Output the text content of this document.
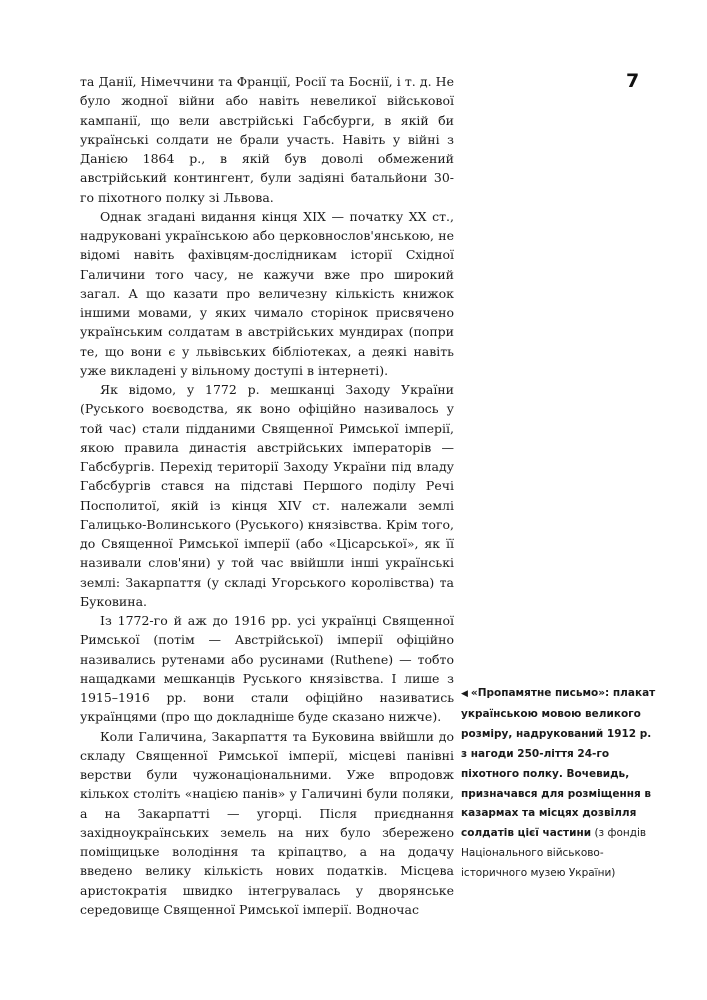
7

та Данії, Німеччини та Франції, Росії та Боснії, і т. д. Не було жодної війни або навіть невеликої військової кампанії, що вели австрійські Габсбурги, в якій би українські солдати не брали участь. Навіть у війні з Данією 1864 р., в якій був доволі обмежений австрійський контингент, були задіяні батальйони 30-го піхотного полку зі Львова.

Однак згадані видання кінця XIX — початку XX ст., надруковані українською або церковнослов'янською, не відомі навіть фахівцям-дослідникам історії Східної Галичини того часу, не кажучи вже про широкий загал. А що казати про величезну кількість книжок іншими мовами, у яких чимало сторінок присвячено українським солдатам в австрійських мундирах (попри те, що вони є у львівських бібліотеках, а деякі навіть уже викладені у вільному доступі в інтернеті).

Як відомо, у 1772 р. мешканці Заходу України (Руського воєводства, як воно офіційно називалось у той час) стали підданими Священної Римської імперії, якою правила династія австрійських імператорів — Габсбургів. Перехід території Заходу України під владу Габсбургів стався на підставі Першого поділу Речі Посполитої, якій із кінця XIV ст. належали землі Галицько-Волинського (Руського) князівства. Крім того, до Священної Римської імперії (або «Цісарської», як її називали слов'яни) у той час ввійшли інші українські землі: Закарпаття (у складі Угорського королівства) та Буковина.

Із 1772-го й аж до 1916 рр. усі українці Священної Римської (потім — Австрійської) імперії офіційно називались рутенами або русинами (Ruthene) — тобто нащадками мешканців Руського князівства. І лише з 1915–1916 рр. вони стали офіційно називатись українцями (про що докладніше буде сказано нижче).

Коли Галичина, Закарпаття та Буковина ввійшли до складу Священної Римської імперії, місцеві панівні верстви були чужонаціональними. Уже впродовж кількох століть «нацією панів» у Галичині були поляки, а на Закарпатті — угорці. Після приєднання західноукраїнських земель на них було збережено поміщицьке володіння та кріпацтво, а на додачу введено велику кількість нових податків. Місцева аристократія швидко інтегрувалась у дворянське середовище Священної Римської імперії. Водночас

◀ «Пропамятне письмо»: плакат українською мовою великого розміру, надрукований 1912 р. з нагоди 250-ліття 24-го піхотного полку. Вочевидь, призначався для розміщення в казармах та місцях дозвілля солдатів цієї частини (з фондів Національного військово-історичного музею України)
